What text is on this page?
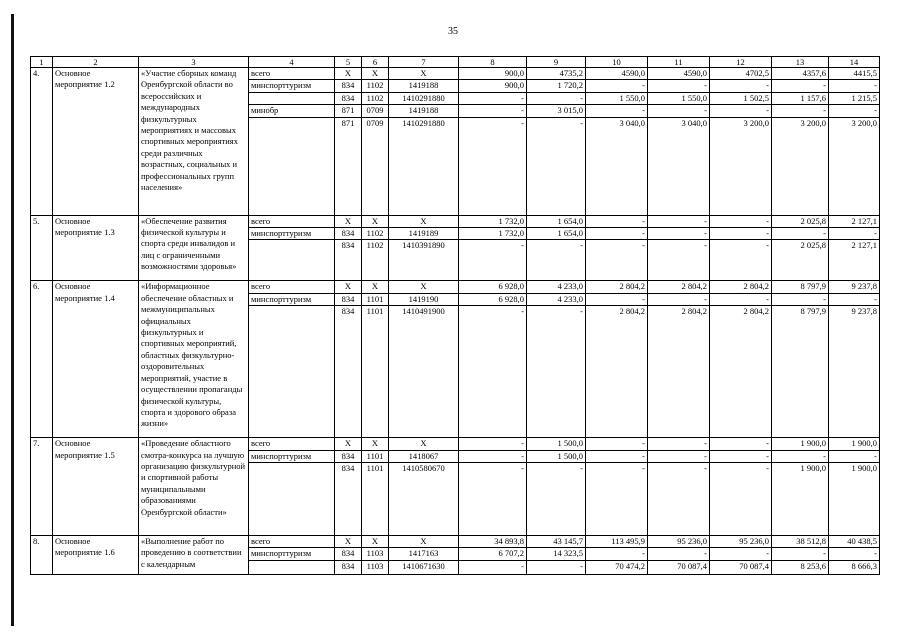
35
1	2	3	4	5	6	7	8	9	10	11	12	13	14
4.	Основное мероприятие 1.2	«Участие сборных команд Оренбургской области во всероссийских и международных физкультурных мероприятиях и массовых спортивных мероприятиях среди различных возрастных, социальных и профессиональных групп населения»	всего	Х	Х	Х	900,0	4735,2	4590,0	4590,0	4702,5	4357,6	4415,5
			минспорттуризм	834	1102	1419188	900,0	1 720,2	-	-	-	-	-
				834	1102	1410291880	-	-	1 550,0	1 550,0	1 502,5	1 157,6	1 215,5
			минобр	871	0709	1419188	-	3 015,0	-	-	-	-	-
				871	0709	1410291880	-	-	3 040,0	3 040,0	3 200,0	3 200,0	3 200,0
5.	Основное мероприятие 1.3	«Обеспечение развития физической культуры и спорта среди инвалидов и лиц с ограниченными возможностями здоровья»	всего	Х	Х	Х	1 732,0	1 654,0	-	-	-	2 025,8	2 127,1
			минспорттуризм	834	1102	1419189	1 732,0	1 654,0	-	-	-	-	-
				834	1102	1410391890	-	-	-	-	-	2 025,8	2 127,1
6.	Основное мероприятие 1.4	«Информационное обеспечение областных и межмуниципальных официальных физкультурных и спортивных мероприятий, областных физкультурно-оздоровительных мероприятий, участие в осуществлении пропаганды физической культуры, спорта и здорового образа жизни»	всего	Х	Х	Х	6 928,0	4 233,0	2 804,2	2 804,2	2 804,2	8 797,9	9 237,8
			минспорттуризм	834	1101	1419190	6 928,0	4 233,0	-	-	-	-	-
				834	1101	1410491900	-	-	2 804,2	2 804,2	2 804,2	8 797,9	9 237,8
7.	Основное мероприятие 1.5	«Проведение областного смотра-конкурса на лучшую организацию физкультурной и спортивной работы муниципальными образованиями Оренбургской области»	всего	Х	Х	Х	-	1 500,0	-	-	-	1 900,0	1 900,0
			минспорттуризм	834	1101	1418067	-	1 500,0	-	-	-	-	-
				834	1101	1410580670	-	-	-	-	-	1 900,0	1 900,0
8.	Основное мероприятие 1.6	«Выполнение работ по проведению в соответствии с календарным	всего	Х	Х	Х	34 893,8	43 145,7	113 495,9	95 236,0	95 236,0	38 512,8	40 438,5
			минспорттуризм	834	1103	1417163	6 707,2	14 323,5	-	-	-	-	-
				834	1103	1410671630	-	-	70 474,2	70 087,4	70 087,4	8 253,6	8 666,3
